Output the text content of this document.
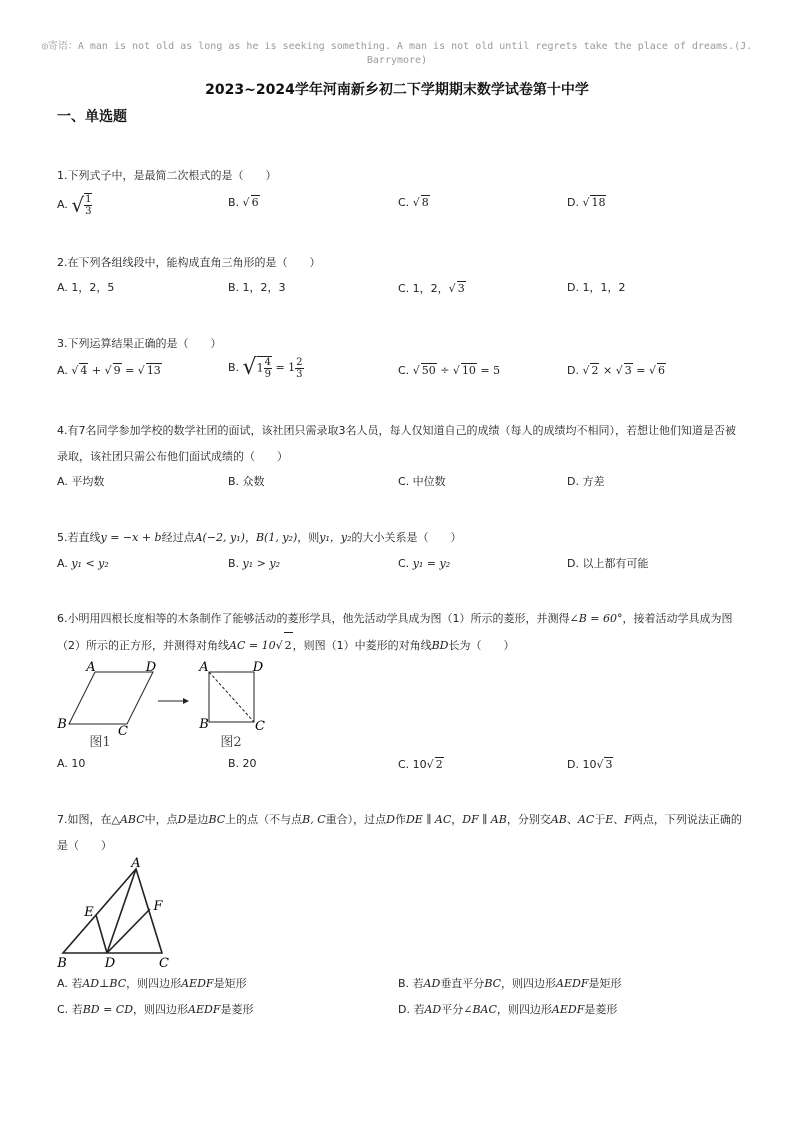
◎寄语：A man is not old as long as he is seeking something. A man is not old until regrets take the place of dreams.(J. Barrymore)
2023~2024学年河南新乡初二下学期期末数学试卷第十中学
一、单选题
1.下列式子中，是最简二次根式的是（　　）
A. √ $\frac{1}{3}$	B. √ 6	C. √ 8	D. √ 18
2.在下列各组线段中，能构成直角三角形的是（　　）
A. 1，2，5	B. 1，2，3	C. 1，2，√ 3	D. 1，1，2
3.下列运算结果正确的是（　　）
A. √ 4 + √ 9 = √ 13	B. $√1 \frac{4}{9} = 1 \frac{2}{3}$	C. √ 50 ÷ √ 10 = 5	D. √ 2 × √ 3 = √ 6
4.有7名同学参加学校的数学社团的面试，该社团只需录取3名人员，每人仅知道自己的成绩（每人的成绩均不相同），若想让他们知道是否被录取，该社团只需公布他们面试成绩的（　　）
A. 平均数	B. 众数	C. 中位数	D. 方差
5.若直线y = −x + b经过点A(−2, y₁)，B(1, y₂)，则y₁，y₂的大小关系是（　　）
A. y₁ < y₂	B. y₁ > y₂	C. y₁ = y₂	D. 以上都有可能
6.小明用四根长度相等的木条制作了能够活动的菱形学具，他先活动学具成为图（1）所示的菱形，并测得∠B = 60°，接着活动学具成为图（2）所示的正方形，并测得对角线AC = 10√ 2，则图（1）中菱形的对角线BD长为（　　）
A	D
B	C
图1
A	D
B	C
图2
A. 10	B. 20	C. 10√ 2	D. 10√ 3
7.如图，在△ABC中，点D是边BC上的点（不与点B, C重合），过点D作DE ∥ AC，DF ∥ AB，分别交AB、AC于E、F两点，下列说法正确的是（　　）
A
E	F
B	D	C
A. 若AD⊥BC，则四边形AEDF是矩形	B. 若AD垂直平分BC，则四边形AEDF是矩形
C. 若BD = CD，则四边形AEDF是菱形	D. 若AD平分∠BAC，则四边形AEDF是菱形
